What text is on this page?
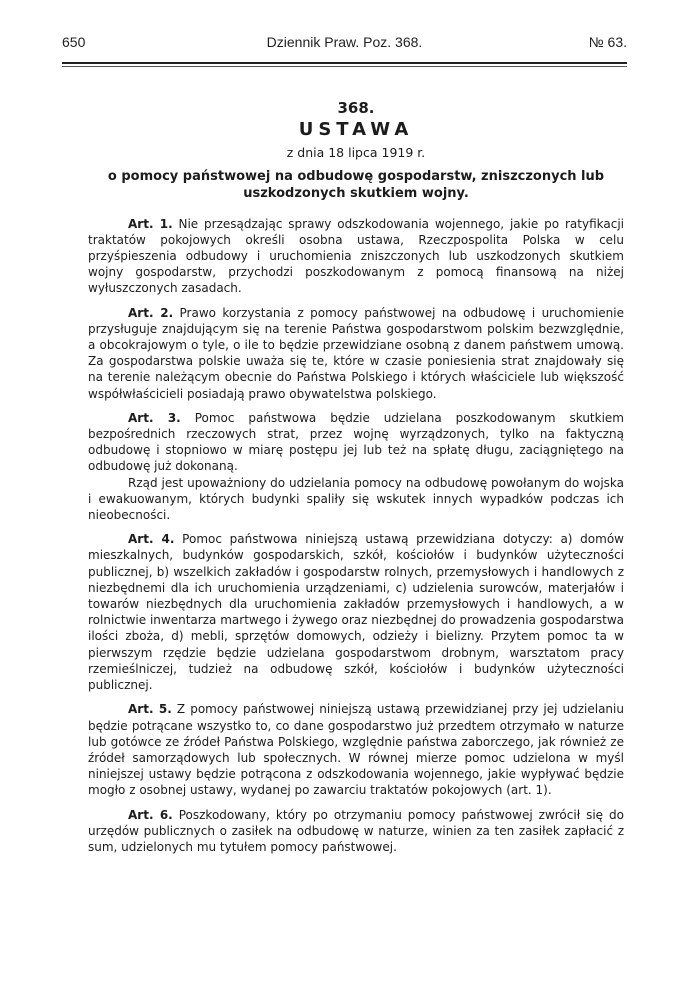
650	Dziennik Praw. Poz. 368.	№ 63.
368.
USTAWA
z dnia 18 lipca 1919 r.
o pomocy państwowej na odbudowę gospodarstw, zniszczonych lub uszkodzonych skutkiem wojny.

Art. 1. Nie przesądzając sprawy odszkodowania wojennego, jakie po ratyfikacji traktatów pokojowych określi osobna ustawa, Rzeczpospolita Polska w celu przyśpieszenia odbudowy i uruchomienia zniszczonych lub uszkodzonych skutkiem wojny gospodarstw, przychodzi poszkodowanym z pomocą finansową na niżej wyłuszczonych zasadach.

Art. 2. Prawo korzystania z pomocy państwowej na odbudowę i uruchomienie przysługuje znajdującym się na terenie Państwa gospodarstwom polskim bezwzględnie, a obcokrajowym o tyle, o ile to będzie przewidziane osobną z danem państwem umową. Za gospodarstwa polskie uważa się te, które w czasie poniesienia strat znajdowały się na terenie należącym obecnie do Państwa Polskiego i których właściciele lub większość współwłaścicieli posiadają prawo obywatelstwa polskiego.

Art. 3. Pomoc państwowa będzie udzielana poszkodowanym skutkiem bezpośrednich rzeczowych strat, przez wojnę wyrządzonych, tylko na faktyczną odbudowę i stopniowo w miarę postępu jej lub też na spłatę długu, zaciągniętego na odbudowę już dokonaną.

Rząd jest upoważniony do udzielania pomocy na odbudowę powołanym do wojska i ewakuowanym, których budynki spaliły się wskutek innych wypadków podczas ich nieobecności.

Art. 4. Pomoc państwowa niniejszą ustawą przewidziana dotyczy: a) domów mieszkalnych, budynków gospodarskich, szkół, kościołów i budynków użyteczności publicznej, b) wszelkich zakładów i gospodarstw rolnych, przemysłowych i handlowych z niezbędnemi dla ich uruchomienia urządzeniami, c) udzielenia surowców, materjałów i towarów niezbędnych dla uruchomienia zakładów przemysłowych i handlowych, a w rolnictwie inwentarza martwego i żywego oraz niezbędnej do prowadzenia gospodarstwa ilości zboża, d) mebli, sprzętów domowych, odzieży i bielizny. Przytem pomoc ta w pierwszym rzędzie będzie udzielana gospodarstwom drobnym, warsztatom pracy rzemieślniczej, tudzież na odbudowę szkół, kościołów i budynków użyteczności publicznej.

Art. 5. Z pomocy państwowej niniejszą ustawą przewidzianej przy jej udzielaniu będzie potrącane wszystko to, co dane gospodarstwo już przedtem otrzymało w naturze lub gotówce ze źródeł Państwa Polskiego, względnie państwa zaborczego, jak również ze źródeł samorządowych lub społecznych. W równej mierze pomoc udzielona w myśl niniejszej ustawy będzie potrącona z odszkodowania wojennego, jakie wypływać będzie mogło z osobnej ustawy, wydanej po zawarciu traktatów pokojowych (art. 1).

Art. 6. Poszkodowany, który po otrzymaniu pomocy państwowej zwrócił się do urzędów publicznych o zasiłek na odbudowę w naturze, winien za ten zasiłek zapłacić z sum, udzielonych mu tytułem pomocy państwowej.
